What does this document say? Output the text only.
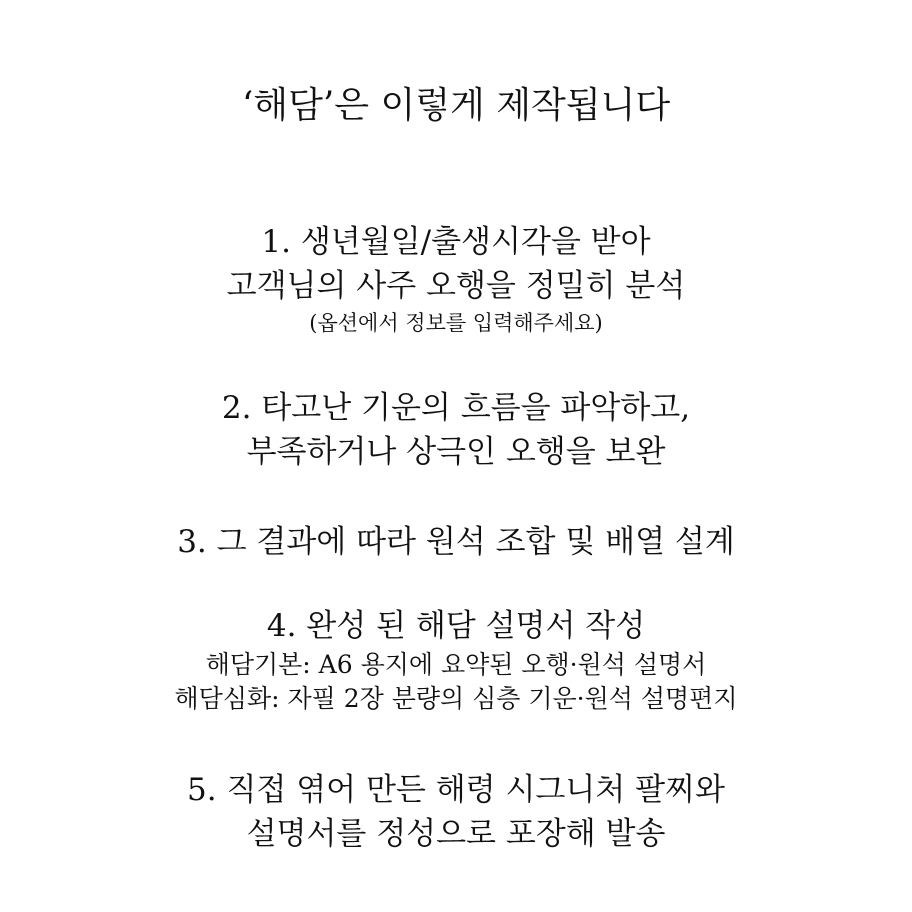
‘해담’은 이렇게 제작됩니다
1. 생년월일/출생시각을 받아
고객님의 사주 오행을 정밀히 분석
(옵션에서 정보를 입력해주세요)
2. 타고난 기운의 흐름을 파악하고,
부족하거나 상극인 오행을 보완
3. 그 결과에 따라 원석 조합 및 배열 설계
4. 완성 된 해담 설명서 작성
해담기본: A6 용지에 요약된 오행·원석 설명서
해담심화: 자필 2장 분량의 심층 기운·원석 설명편지
5. 직접 엮어 만든 해령 시그니처 팔찌와
설명서를 정성으로 포장해 발송
